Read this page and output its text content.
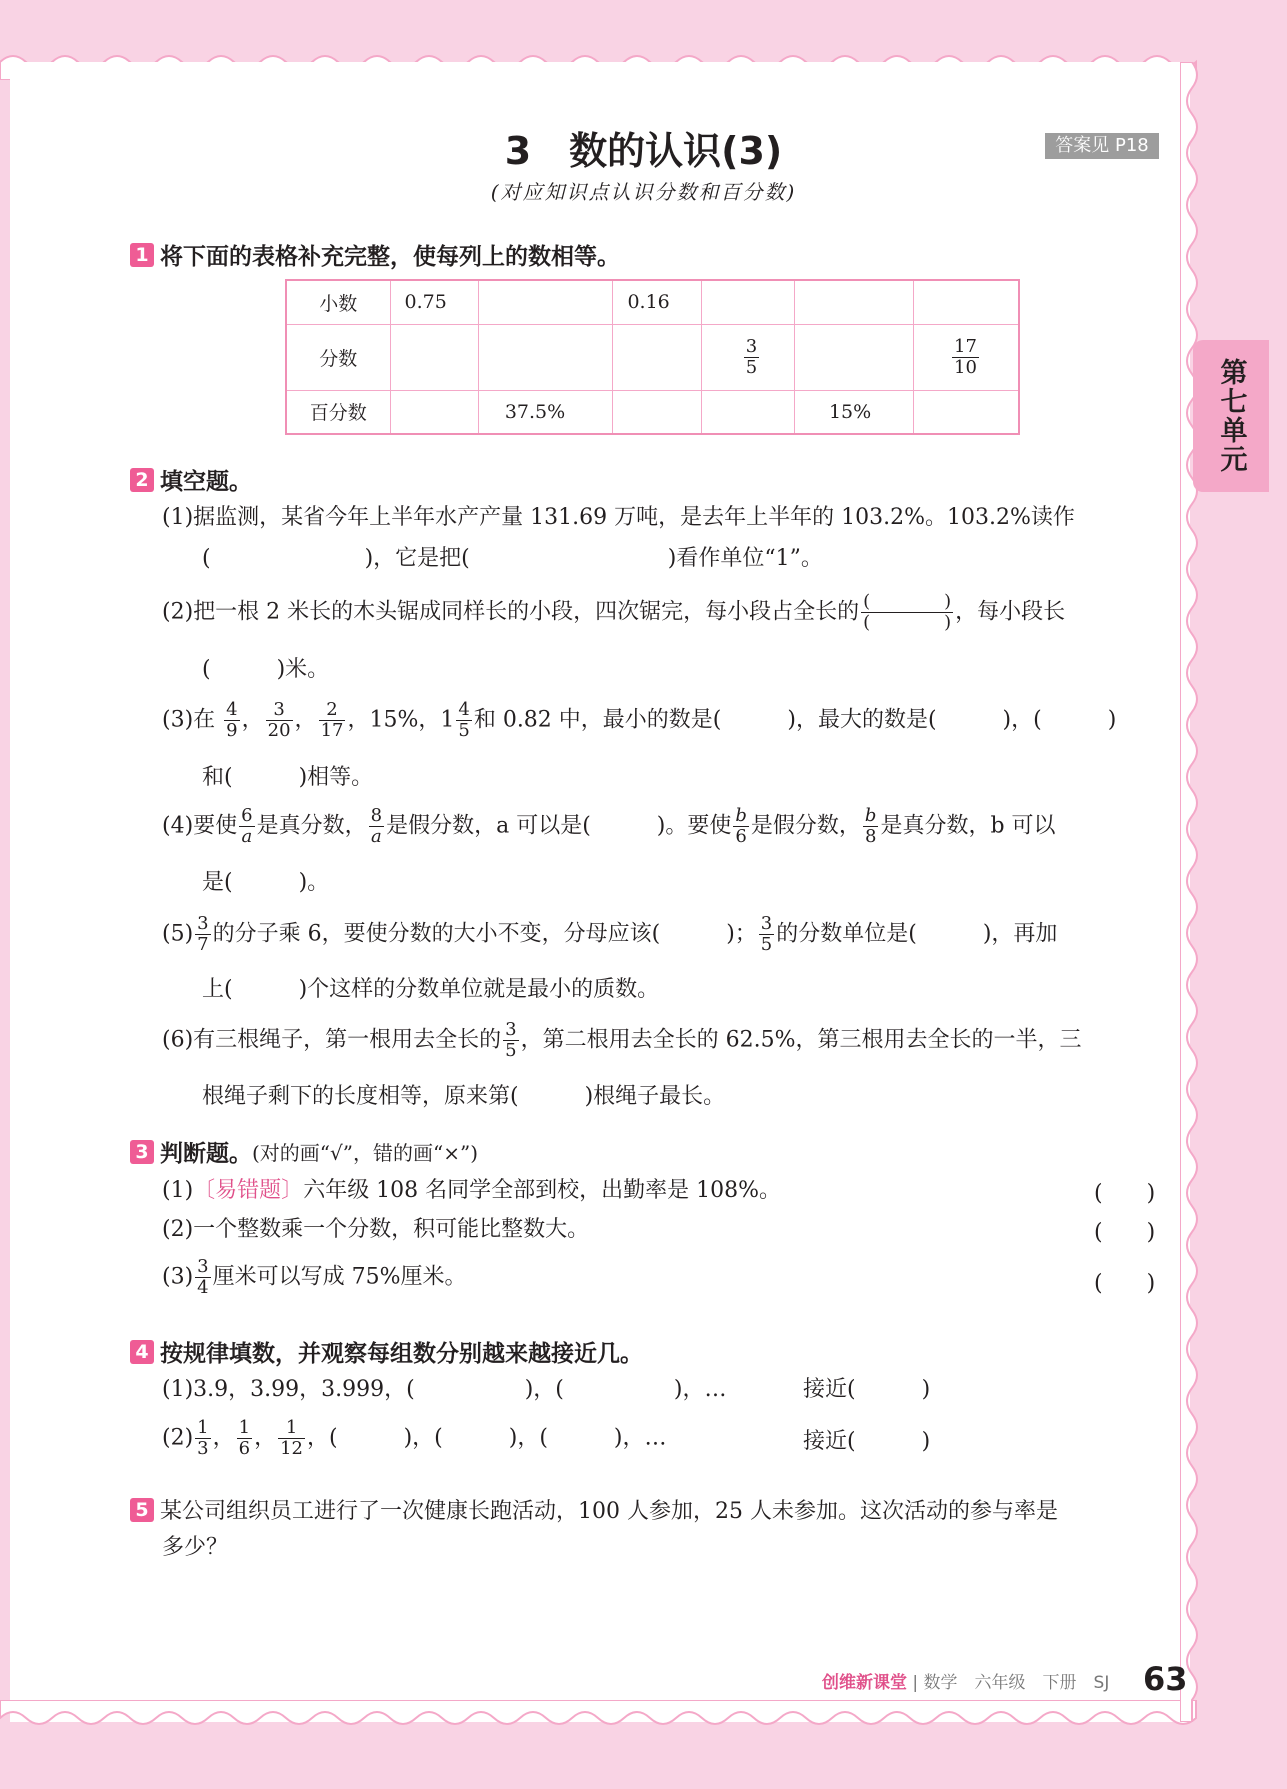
第七单元
3　数的认识(3)	答案见 P18
(对应知识点认识分数和百分数)
1 将下面的表格补充完整，使每列上的数相等。
小数	0.75		0.16			
分数				$\frac{3}{5}$		$\frac{17}{10}$

百分数		37.5%			15%	
2 填空题。
(1)据监测，某省今年上半年水产产量 131.69 万吨，是去年上半年的 103.2%。103.2%读作
(　　　　　　　)，它是把(　　　　　　　　　)看作单位“1”。
(2)把一根 2 米长的木头锯成同样长的小段，四次锯完，每小段占全长的 (	)
(	) ，每小段长
(　　　)米。
(3)在 $\frac{4}{9}$ ， $\frac{3}{20}$ ， $\frac{2}{17}$ ，15%，$1 \frac{4}{5}$ 和 0.82 中，最小的数是(　　　)，最大的数是(　　　)，(　　　)
和(　　　)相等。
(4)要使 $\frac{6}{a}$ 是真分数， $\frac{8}{a}$ 是假分数，a 可以是(　　　)。要使 $\frac{b}{6}$ 是假分数， $\frac{b}{8}$ 是真分数，b 可以
是(　　　)。
$(5) \frac{3}{7}$ 的分子乘 6，要使分数的大小不变，分母应该(　　　)； $\frac{3}{5}$ 的分数单位是(　　　)，再加
上(　　　)个这样的分数单位就是最小的质数。
(6)有三根绳子，第一根用去全长的 $\frac{3}{5}$ ，第二根用去全长的 62.5%，第三根用去全长的一半，三
根绳子剩下的长度相等，原来第(　　　)根绳子最长。
3 判断题。 (对的画“√”，错的画“×”)
(1)〔易错题〕六年级 108 名同学全部到校，出勤率是 108%。	(　　)
(2)一个整数乘一个分数，积可能比整数大。	(　　)
$(3) \frac{3}{4}$ 厘米可以写成 75%厘米。	(　　)
4 按规律填数，并观察每组数分别越来越接近几。
(1)3.9，3.99，3.999，(　　　　　)，(　　　　　)，…	接近(　　　)
$(2) \frac{1}{3}$ ， $\frac{1}{6}$ ， $\frac{1}{12}$ ，(　　　)，(　　　)，(　　　)，…	接近(　　　)
5 某公司组织员工进行了一次健康长跑活动，100 人参加，25 人未参加。这次活动的参与率是
多少？
创维新课堂 | 数学　六年级　下册　SJ 63
